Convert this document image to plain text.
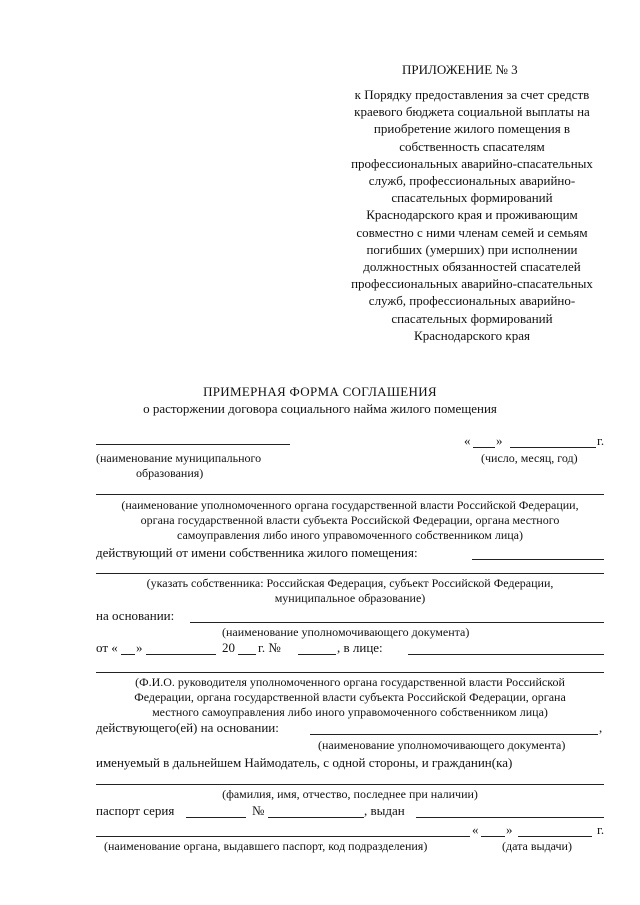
ПРИЛОЖЕНИЕ № 3
к Порядку предоставления за счет средств
краевого бюджета социальной выплаты на
приобретение жилого помещения в
собственность спасателям
профессиональных аварийно-спасательных
служб, профессиональных аварийно-
спасательных формирований
Краснодарского края и проживающим
совместно с ними членам семей и семьям
погибших (умерших) при исполнении
должностных обязанностей спасателей
профессиональных аварийно-спасательных
служб, профессиональных аварийно-
спасательных формирований
Краснодарского края
ПРИМЕРНАЯ ФОРМА СОГЛАШЕНИЯ
о расторжении договора социального найма жилого помещения
« »	г.
(наименование муниципального
образования)
(число, месяц, год)
(наименование уполномоченного органа государственной власти Российской Федерации,
органа государственной власти субъекта Российской Федерации, органа местного
самоуправления либо иного управомоченного собственником лица)
действующий от имени собственника жилого помещения:
(указать собственника: Российская Федерация, субъект Российской Федерации,
муниципальное образование)
на основании:
(наименование уполномочивающего документа)
от « »	20 г. №	, в лице:
(Ф.И.О. руководителя уполномоченного органа государственной власти Российской
Федерации, органа государственной власти субъекта Российской Федерации, органа
местного самоуправления либо иного управомоченного собственником лица)
действующего(ей) на основании:	,
(наименование уполномочивающего документа)
именуемый в дальнейшем Наймодатель, с одной стороны, и гражданин(ка)
(фамилия, имя, отчество, последнее при наличии)
паспорт серия	№	, выдан
« »	г.
(наименование органа, выдавшего паспорт, код подразделения)	(дата выдачи)
